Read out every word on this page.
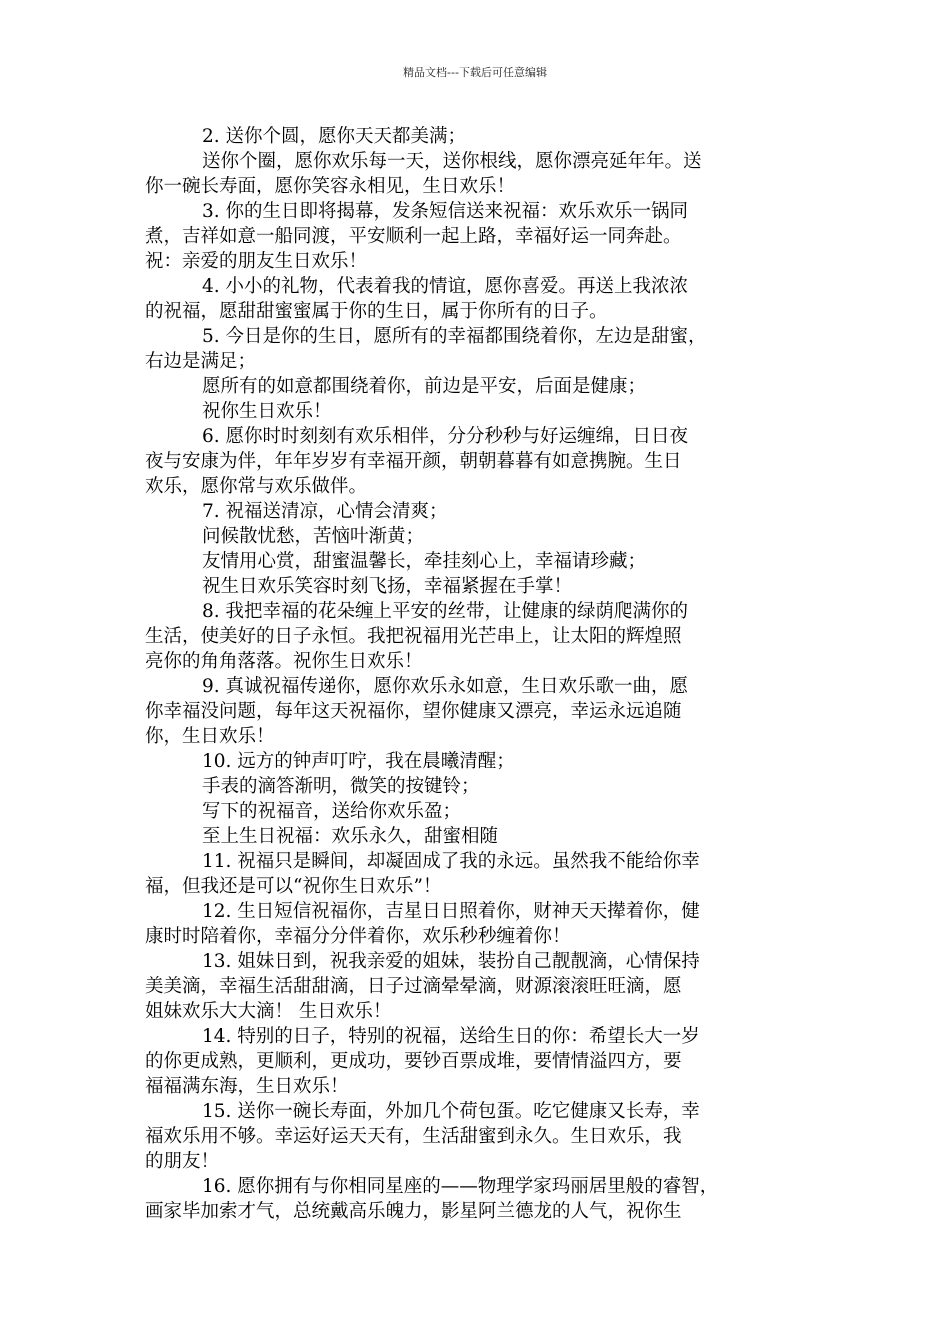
精品文档---下载后可任意编辑
2. 送你个圆，愿你天天都美满；
送你个圈，愿你欢乐每一天，送你根线，愿你漂亮延年年。送
你一碗长寿面，愿你笑容永相见，生日欢乐！
3. 你的生日即将揭幕，发条短信送来祝福：欢乐欢乐一锅同
煮，吉祥如意一船同渡，平安顺利一起上路，幸福好运一同奔赴。
祝：亲爱的朋友生日欢乐！
4. 小小的礼物，代表着我的情谊，愿你喜爱。再送上我浓浓
的祝福，愿甜甜蜜蜜属于你的生日，属于你所有的日子。
5. 今日是你的生日，愿所有的幸福都围绕着你，左边是甜蜜，
右边是满足；
愿所有的如意都围绕着你，前边是平安，后面是健康；
祝你生日欢乐！
6. 愿你时时刻刻有欢乐相伴，分分秒秒与好运缠绵，日日夜
夜与安康为伴，年年岁岁有幸福开颜，朝朝暮暮有如意携腕。生日
欢乐，愿你常与欢乐做伴。
7. 祝福送清凉，心情会清爽；
问候散忧愁，苦恼叶渐黄；
友情用心赏，甜蜜温馨长，牵挂刻心上，幸福请珍藏；
祝生日欢乐笑容时刻飞扬，幸福紧握在手掌！
8. 我把幸福的花朵缠上平安的丝带，让健康的绿荫爬满你的
生活，使美好的日子永恒。我把祝福用光芒串上，让太阳的辉煌照
亮你的角角落落。祝你生日欢乐！
9. 真诚祝福传递你，愿你欢乐永如意，生日欢乐歌一曲，愿
你幸福没问题，每年这天祝福你，望你健康又漂亮，幸运永远追随
你，生日欢乐！
10. 远方的钟声叮咛，我在晨曦清醒；
手表的滴答渐明，微笑的按键铃；
写下的祝福音，送给你欢乐盈；
至上生日祝福：欢乐永久，甜蜜相随
11. 祝福只是瞬间，却凝固成了我的永远。虽然我不能给你幸
福，但我还是可以“祝你生日欢乐”！
12. 生日短信祝福你，吉星日日照着你，财神天天撵着你，健
康时时陪着你，幸福分分伴着你，欢乐秒秒缠着你！
13. 姐妹日到，祝我亲爱的姐妹，装扮自己靓靓滴，心情保持
美美滴，幸福生活甜甜滴，日子过滴晕晕滴，财源滚滚旺旺滴，愿
姐妹欢乐大大滴！ 生日欢乐！
14. 特别的日子，特别的祝福，送给生日的你：希望长大一岁
的你更成熟，更顺利，更成功，要钞百票成堆，要情情溢四方，要
福福满东海，生日欢乐！
15. 送你一碗长寿面，外加几个荷包蛋。吃它健康又长寿，幸
福欢乐用不够。幸运好运天天有，生活甜蜜到永久。生日欢乐，我
的朋友！
16. 愿你拥有与你相同星座的——物理学家玛丽居里般的睿智，
画家毕加索才气，总统戴高乐魄力，影星阿兰德龙的人气，祝你生
